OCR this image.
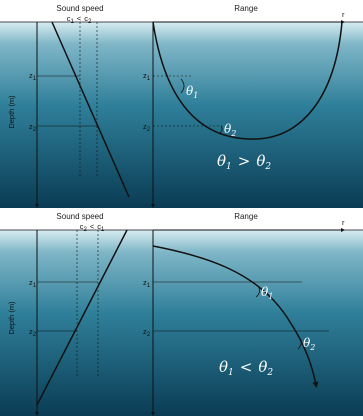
Sound speed	Range
$c_1 < c_2$
Depth (m)
$z_1$
$z_2$
r
$z_1$
$z_2$
$\theta_1$
$\theta_2$
$\theta_1 > \theta_2$
Sound speed	Range
$c_2 < c_1$
Depth (m)
$z_1$
$z_2$
r
$z_1$
$z_2$
$\theta_1$
$\theta_2$
$\theta_1 < \theta_2$
